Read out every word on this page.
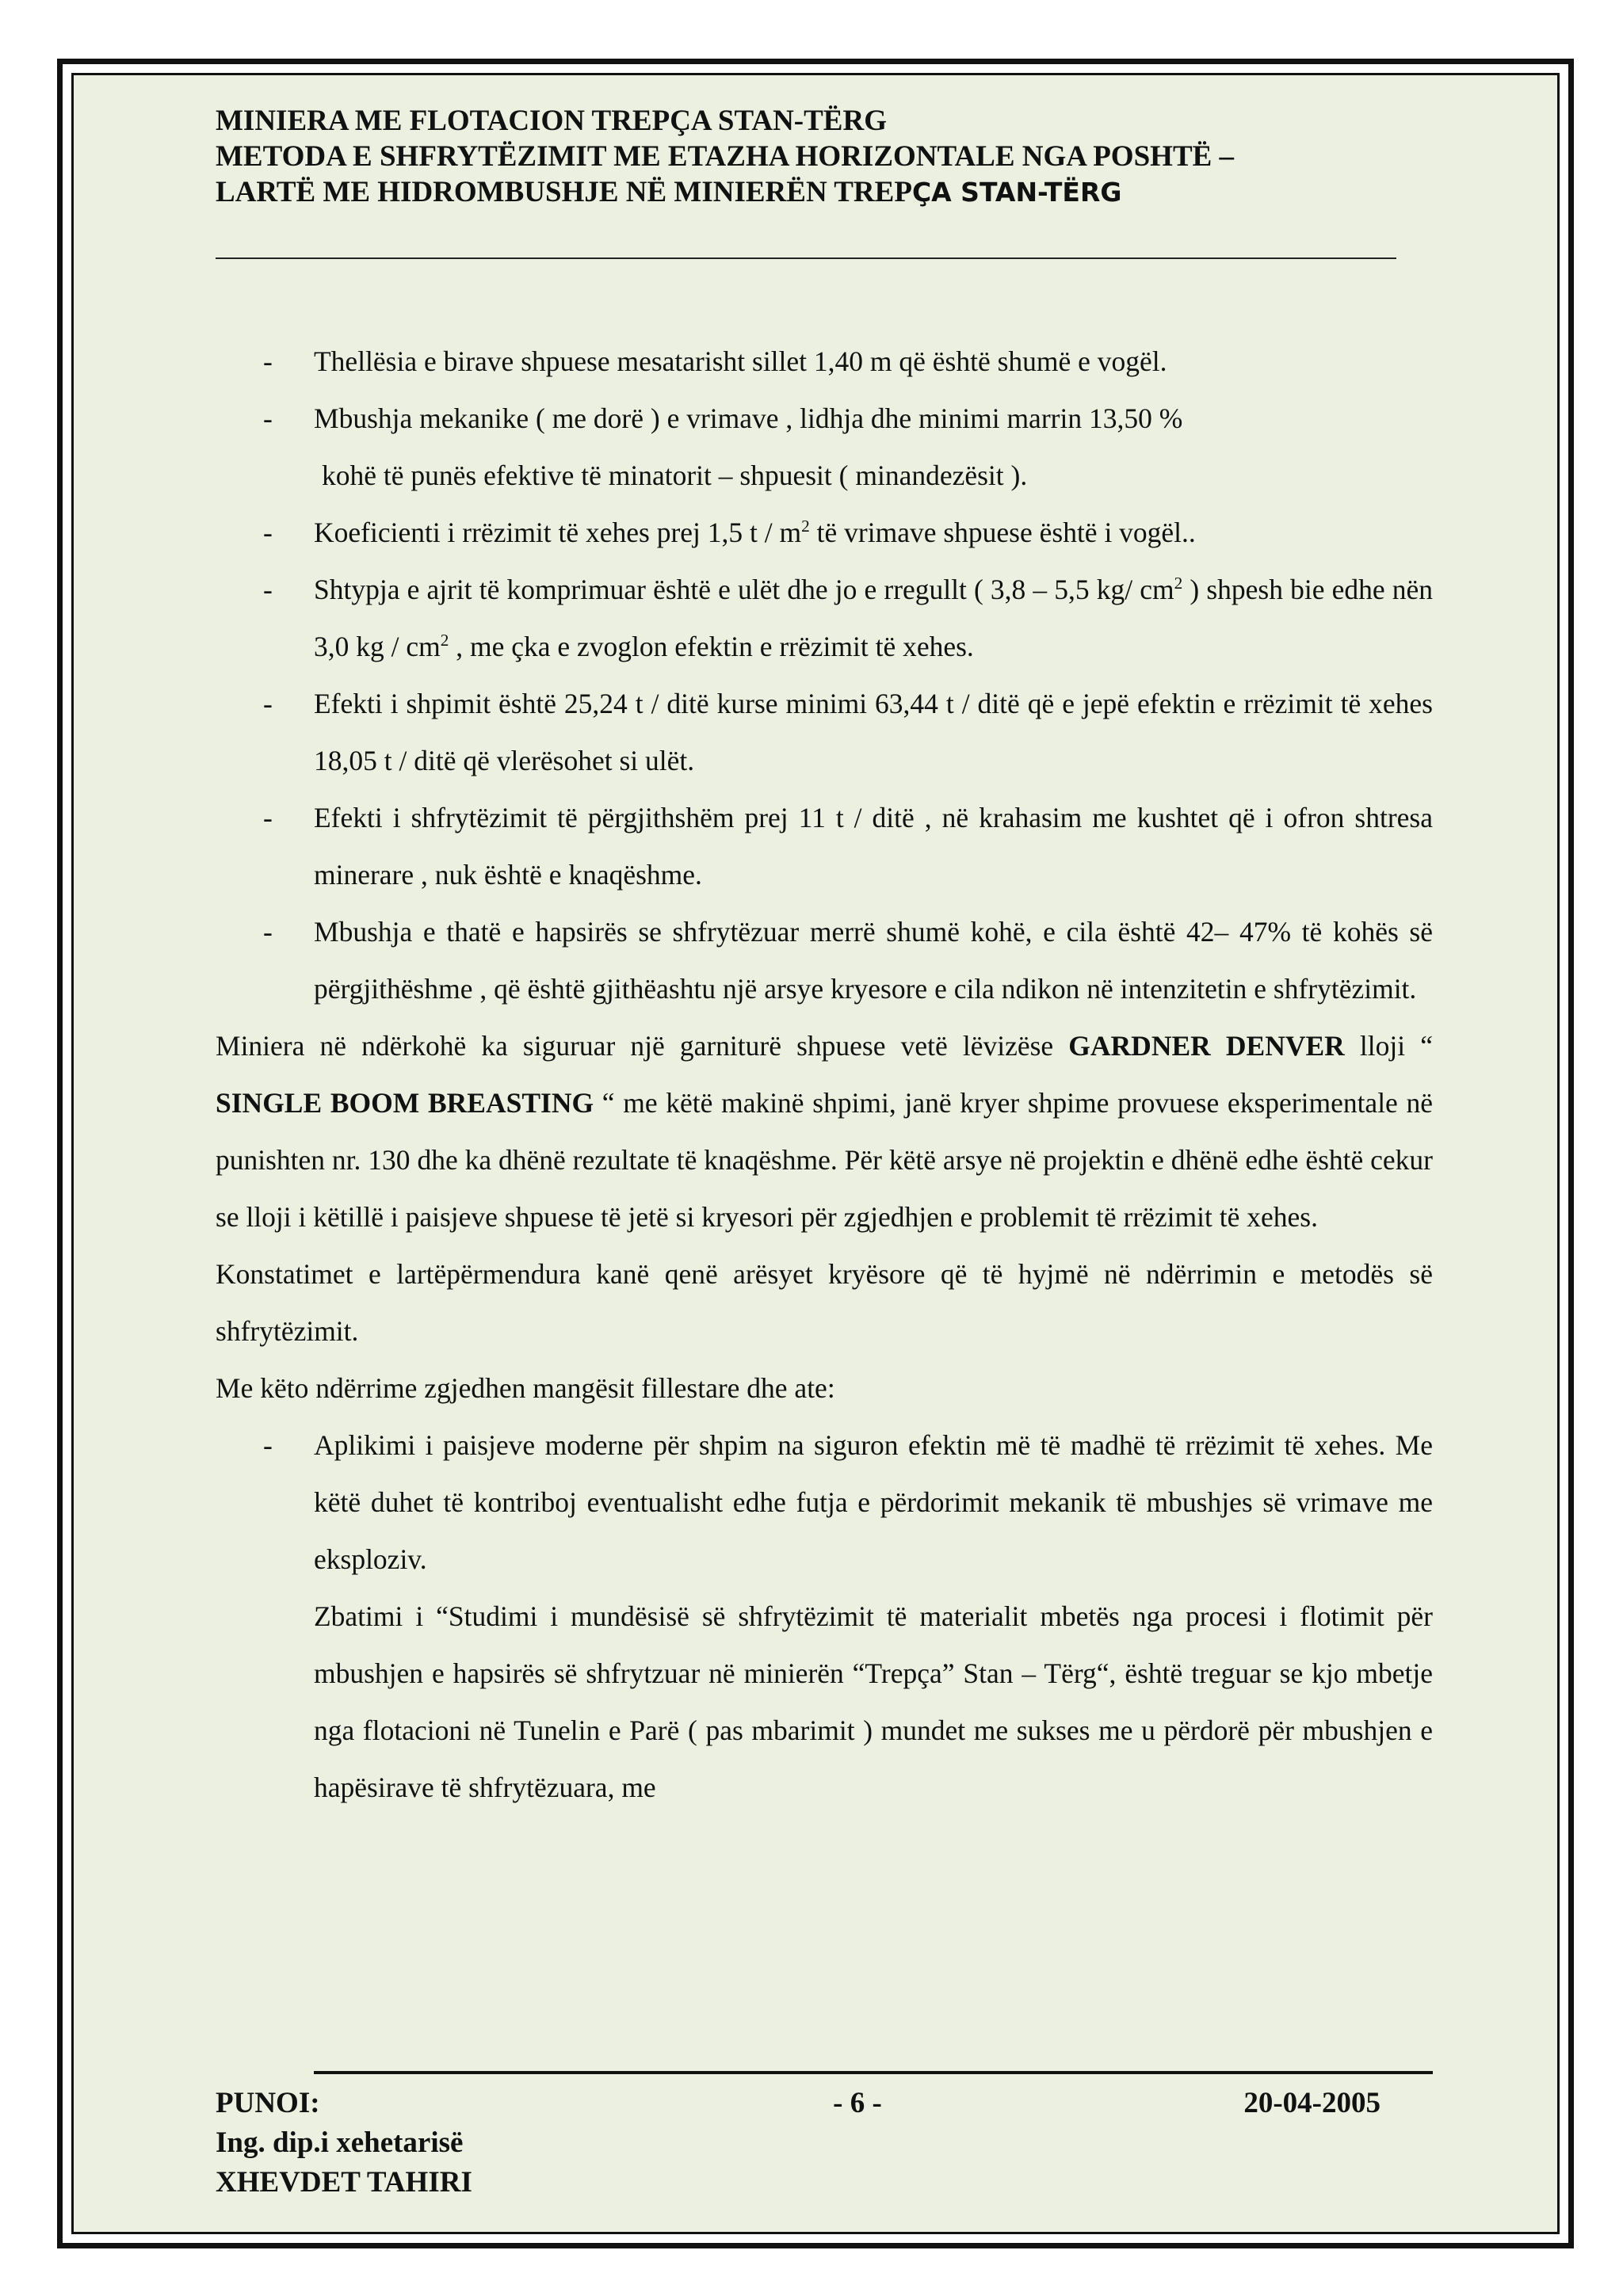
MINIERA ME FLOTACION TREPÇA STAN-TËRG
METODA E SHFRYTËZIMIT ME ETAZHA HORIZONTALE NGA POSHTË –
LARTË ME HIDROMBUSHJE NË MINIERËN TREPÇA STAN-TËRG
- Thellësia e birave shpuese mesatarisht sillet 1,40 m që është shumë e vogël.
- Mbushja mekanike ( me dorë ) e vrimave , lidhja dhe minimi marrin 13,50 %
kohë të punës efektive të minatorit – shpuesit ( minandezësit ).
- Koeficienti i rrëzimit të xehes prej 1,5 t / $m^2$ të vrimave shpuese është i vogël..
- Shtypja e ajrit të komprimuar është e ulët dhe jo e rregullt ( 3,8 – 5,5 kg/ $cm^2$ ) shpesh bie edhe nën 3,0 kg / $cm^2$ , me çka e zvoglon efektin e rrëzimit të xehes.
- Efekti i shpimit është 25,24 t / ditë kurse minimi 63,44 t / ditë që e jepë efektin e rrëzimit të xehes 18,05 t / ditë që vlerësohet si ulët.
- Efekti i shfrytëzimit të përgjithshëm prej 11 t / ditë , në krahasim me kushtet që i ofron shtresa minerare , nuk është e knaqëshme.
- Mbushja e thatë e hapsirës se shfrytëzuar merrë shumë kohë, e cila është 42– 47% të kohës së përgjithëshme , që është gjithëashtu një arsye kryesore e cila ndikon në intenzitetin e shfrytëzimit.
Miniera në ndërkohë ka siguruar një garniturë shpuese vetë lëvizëse GARDNER DENVER lloji “ SINGLE BOOM BREASTING “ me këtë makinë shpimi, janë kryer shpime provuese eksperimentale në punishten nr. 130 dhe ka dhënë rezultate të knaqëshme. Për këtë arsye në projektin e dhënë edhe është cekur se lloji i këtillë i paisjeve shpuese të jetë si kryesori për zgjedhjen e problemit të rrëzimit të xehes.
Konstatimet e lartëpërmendura kanë qenë arësyet kryësore që të hyjmë në ndërrimin e metodës së shfrytëzimit.
Me këto ndërrime zgjedhen mangësit fillestare dhe ate:
- Aplikimi i paisjeve moderne për shpim na siguron efektin më të madhë të rrëzimit të xehes. Me këtë duhet të kontriboj eventualisht edhe futja e përdorimit mekanik të mbushjes së vrimave me eksploziv.
Zbatimi i “Studimi i mundësisë së shfrytëzimit të materialit mbetës nga procesi i flotimit për mbushjen e hapsirës së shfrytzuar në minierën “Trepça” Stan – Tërg“, është treguar se kjo mbetje nga flotacioni në Tunelin e Parë ( pas mbarimit ) mundet me sukses me u përdorë për mbushjen e hapësirave të shfrytëzuara, me
PUNOI:
Ing. dip.i xehetarisë
XHEVDET TAHIRI
- 6 -	20-04-2005
